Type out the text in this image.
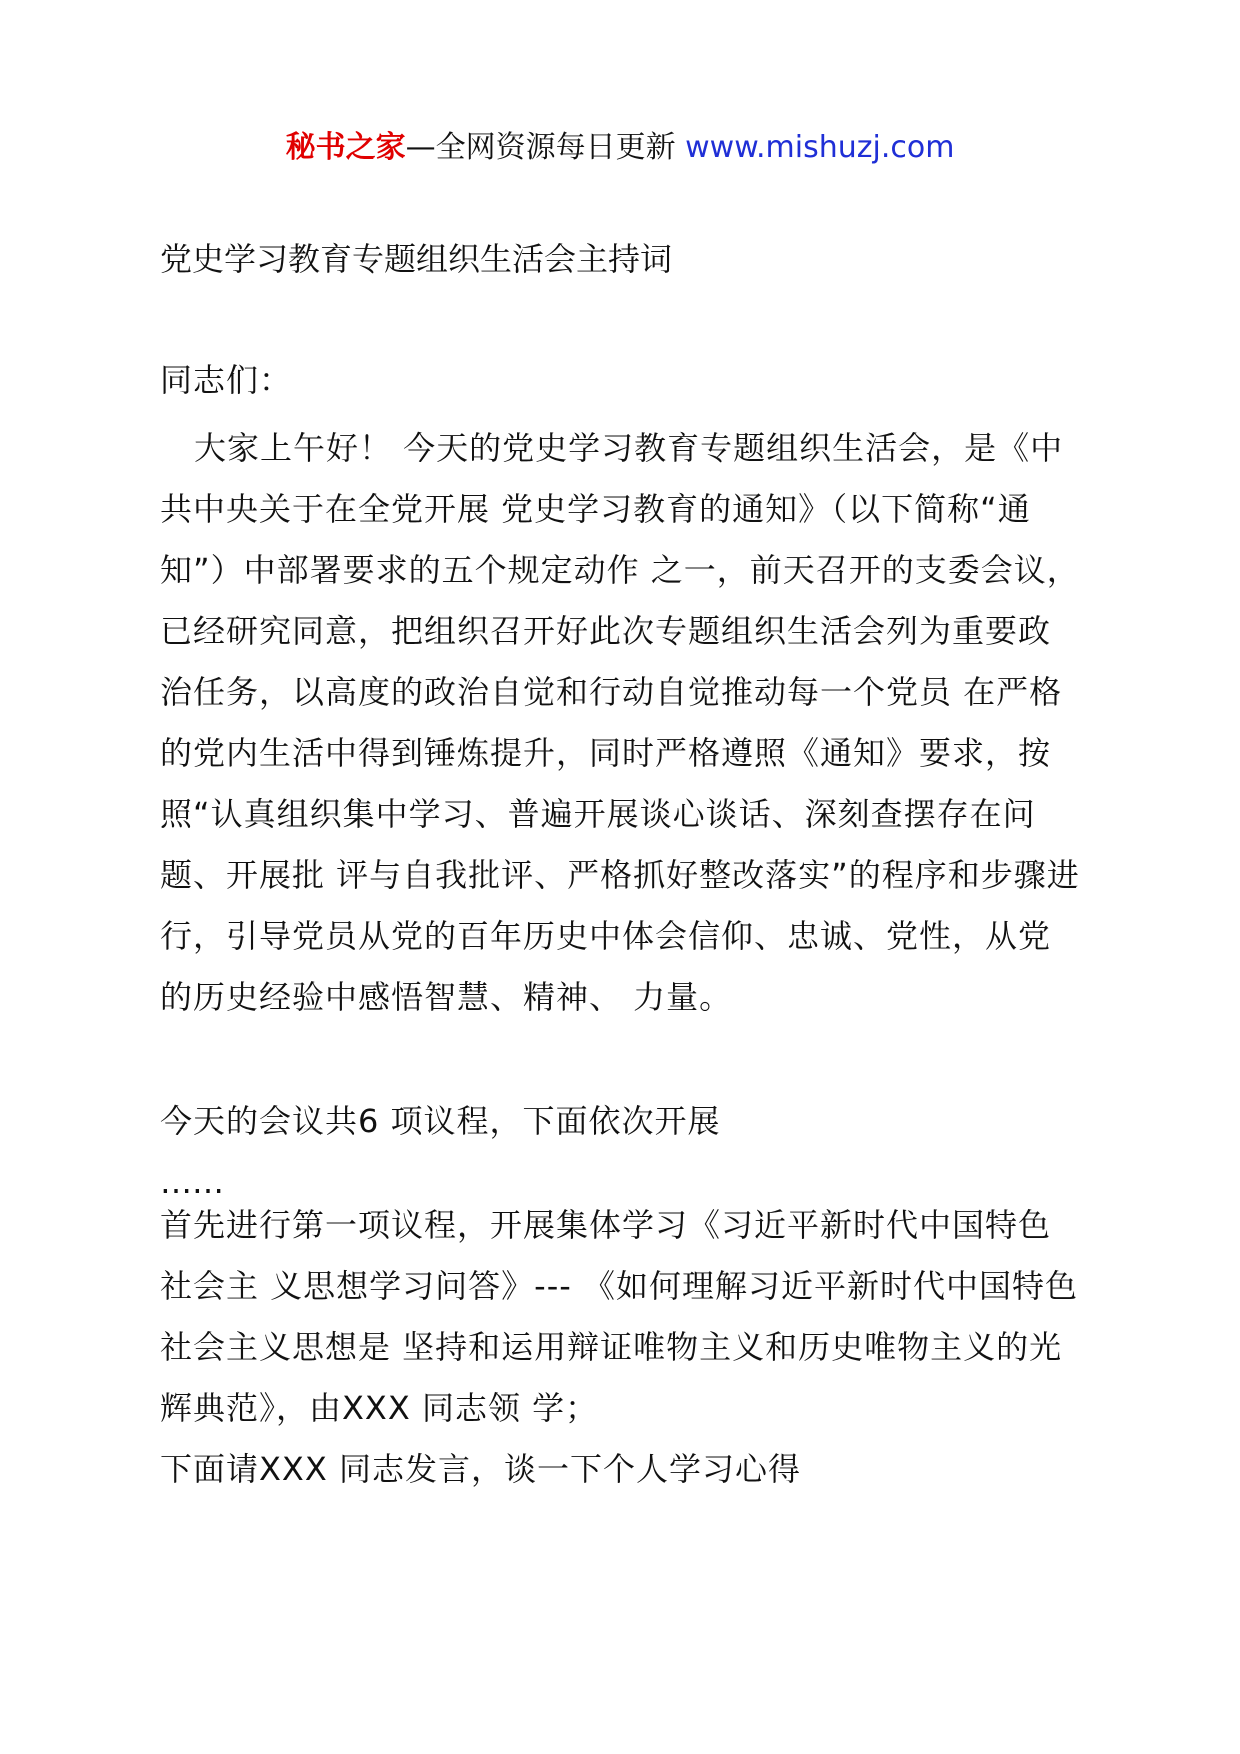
秘书之家—全网资源每日更新 www.mishuzj.com
党史学习教育专题组织生活会主持词
同志们：

大家上午好！ 今天的党史学习教育专题组织生活会，是《中共中央关于在全党开展 党史学习教育的通知》（以下简称“通知”）中部署要求的五个规定动作 之一，前天召开的支委会议，已经研究同意，把组织召开好此次专题组织生活会列为重要政治任务，以高度的政治自觉和行动自觉推动每一个党员 在严格的党内生活中得到锤炼提升，同时严格遵照《通知》要求，按 照“认真组织集中学习、普遍开展谈心谈话、深刻查摆存在问题、开展批 评与自我批评、严格抓好整改落实”的程序和步骤进行，引导党员从党的百年历史中体会信仰、忠诚、党性，从党的历史经验中感悟智慧、精神、 力量。

今天的会议共6 项议程，下面依次开展

……

首先进行第一项议程，开展集体学习《习近平新时代中国特色社会主 义思想学习问答》--- 《如何理解习近平新时代中国特色社会主义思想是 坚持和运用辩证唯物主义和历史唯物主义的光辉典范》，由XXX 同志领 学；

下面请XXX 同志发言，谈一下个人学习心得
